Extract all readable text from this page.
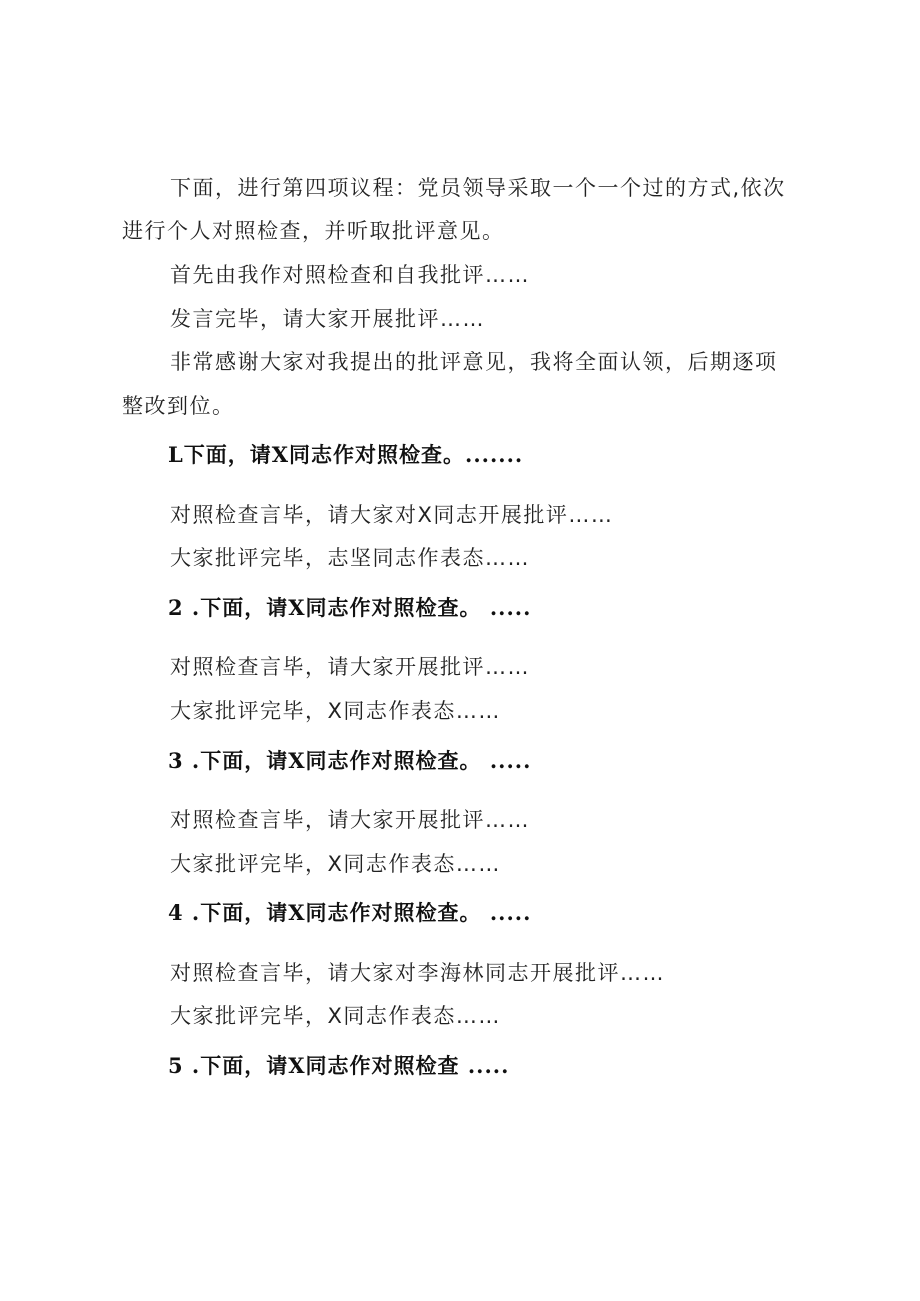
下面，进行第四项议程：党员领导采取一个一个过的方式,依次
进行个人对照检查，并听取批评意见。
首先由我作对照检查和自我批评……
发言完毕，请大家开展批评……
非常感谢大家对我提出的批评意见，我将全面认领，后期逐项
整改到位。
L下面，请X同志作对照检查。.......
对照检查言毕，请大家对X同志开展批评……
大家批评完毕，志坚同志作表态……
2 .下面，请X同志作对照检查。 .....
对照检查言毕，请大家开展批评……
大家批评完毕，X同志作表态……
3 .下面，请X同志作对照检查。 .....
对照检查言毕，请大家开展批评……
大家批评完毕，X同志作表态……
4 .下面，请X同志作对照检查。 .....
对照检查言毕，请大家对李海林同志开展批评……
大家批评完毕，X同志作表态……
5 .下面，请X同志作对照检查 .....
